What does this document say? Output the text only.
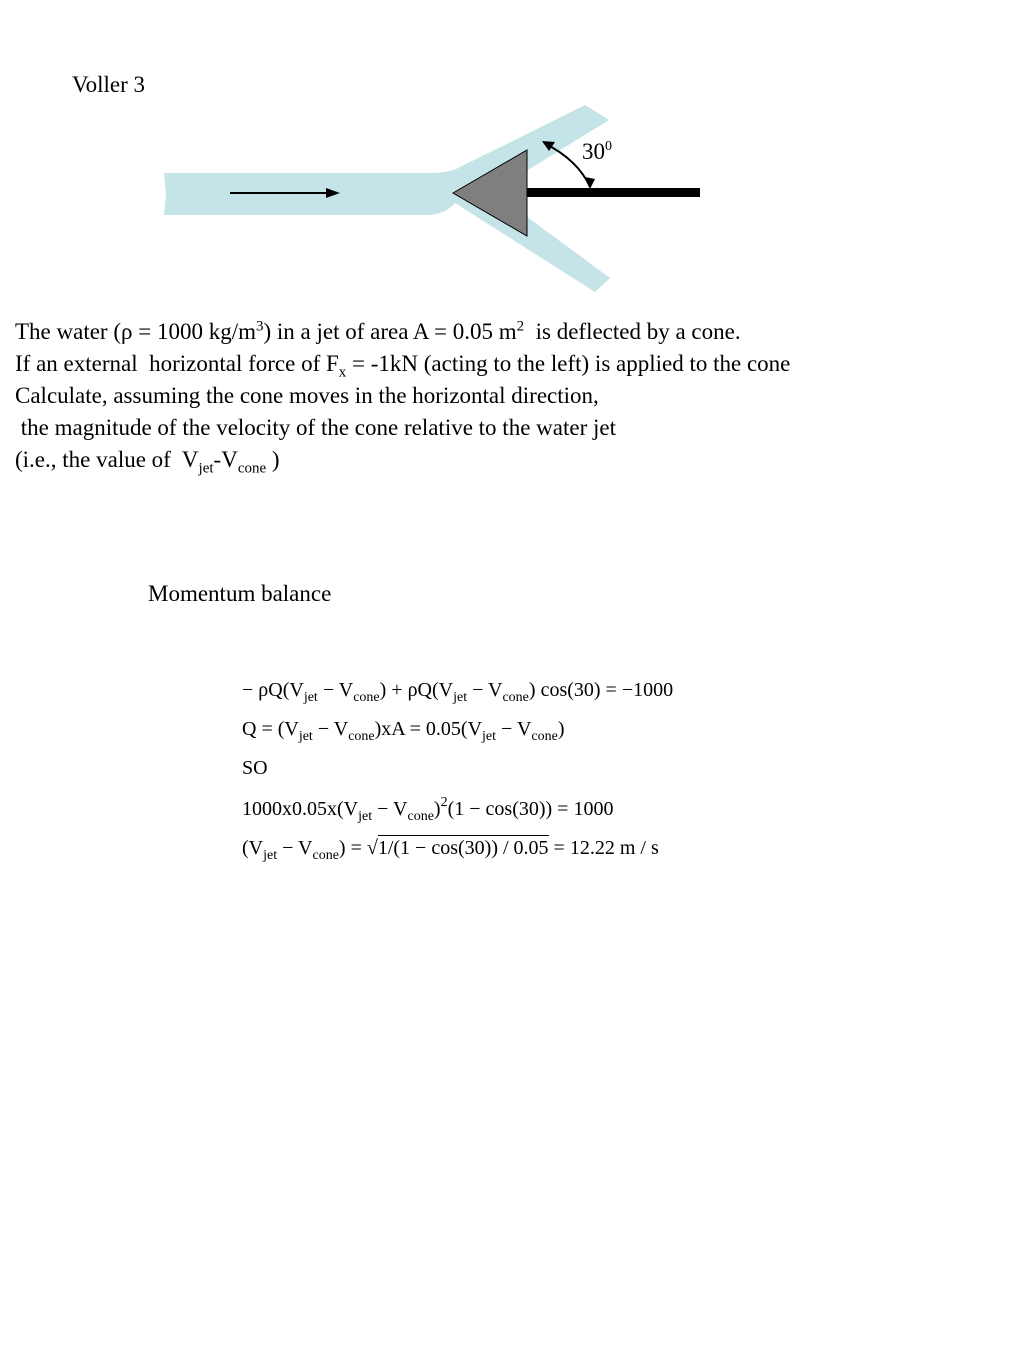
Voller 3
$30^0$
The water (ρ = 1000 $kg/m^3$) in a jet of area A = 0.05 $m^2$  is deflected by a cone.
If an external  horizontal force of $F_x = -1kN$ (acting to the left) is applied to the cone
Calculate, assuming the cone moves in the horizontal direction,
the magnitude of the velocity of the cone relative to the water jet
(i.e., the value of  $V_{jet}-V_{cone}$ )
Momentum balance
− $\rho Q(V_{jet} - V_{cone}) + \rho Q(V_{jet} - V_{cone}) \cos(30) = -1000$
$Q = (V_{jet} - V_{cone})xA = 0.05(V_{jet} - V_{cone})$
SO
$1000x0.05x(V_{jet} - V_{cone})^2(1 - \cos(30)) = 1000$
$(V_{jet} - V_{cone}) = √1/(1 - \cos(30)) / 0.05 = 12.22$ m / s
